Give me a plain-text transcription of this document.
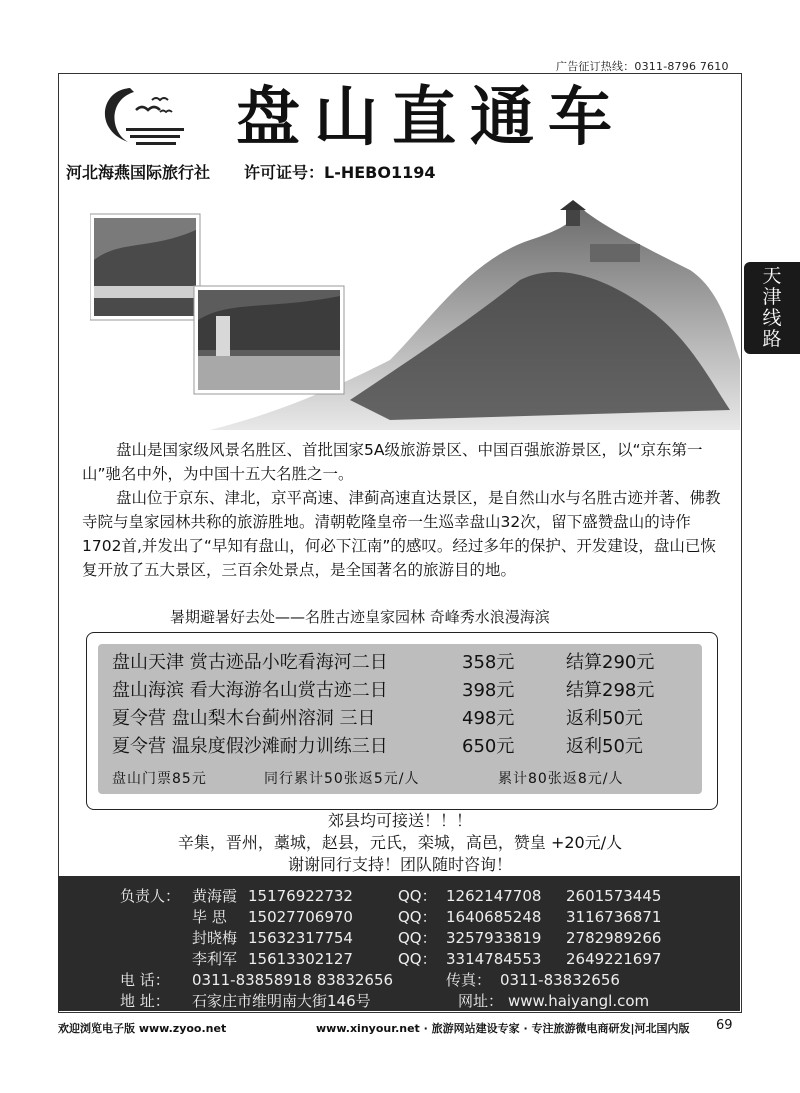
广告征订热线：0311-8796 7610
天
津
线
路
盘山直通车
河北海燕国际旅行社 许可证号：L-HEBO1194
盘山是国家级风景名胜区、首批国家5A级旅游景区、中国百强旅游景区，以“京东第一山”驰名中外，为中国十五大名胜之一。
盘山位于京东、津北，京平高速、津蓟高速直达景区，是自然山水与名胜古迹并著、佛教寺院与皇家园林共称的旅游胜地。清朝乾隆皇帝一生巡幸盘山32次，留下盛赞盘山的诗作1702首,并发出了“早知有盘山，何必下江南”的感叹。经过多年的保护、开发建设，盘山已恢复开放了五大景区，三百余处景点，是全国著名的旅游目的地。
暑期避暑好去处——名胜古迹皇家园林 奇峰秀水浪漫海滨
盘山天津 赏古迹品小吃看海河二日	358元	结算290元
盘山海滨 看大海游名山赏古迹二日	398元	结算298元
夏令营 盘山梨木台蓟州溶洞 三日	498元	返利50元
夏令营 温泉度假沙滩耐力训练三日	650元	返利50元
盘山门票85元	同行累计50张返5元/人	累计80张返8元/人
郊县均可接送！！！
辛集，晋州，藁城，赵县，元氏，栾城，高邑，赞皇 +20元/人
谢谢同行支持！团队随时咨询！
负责人： 黄海霞 15176922732	QQ： 1262147708 2601573445
毕 思 15027706970	QQ： 1640685248 3116736871
封晓梅 15632317754	QQ： 3257933819 2782989266
李利军 15613302127	QQ： 3314784553 2649221697
电 话： 0311-83858918 83832656	传真： 0311-83832656
地 址： 石家庄市维明南大街146号	网址： www.haiyangl.com
欢迎浏览电子版 www.zyoo.net	www.xinyour.net · 旅游网站建设专家 · 专注旅游微电商研发|河北国内版 69
